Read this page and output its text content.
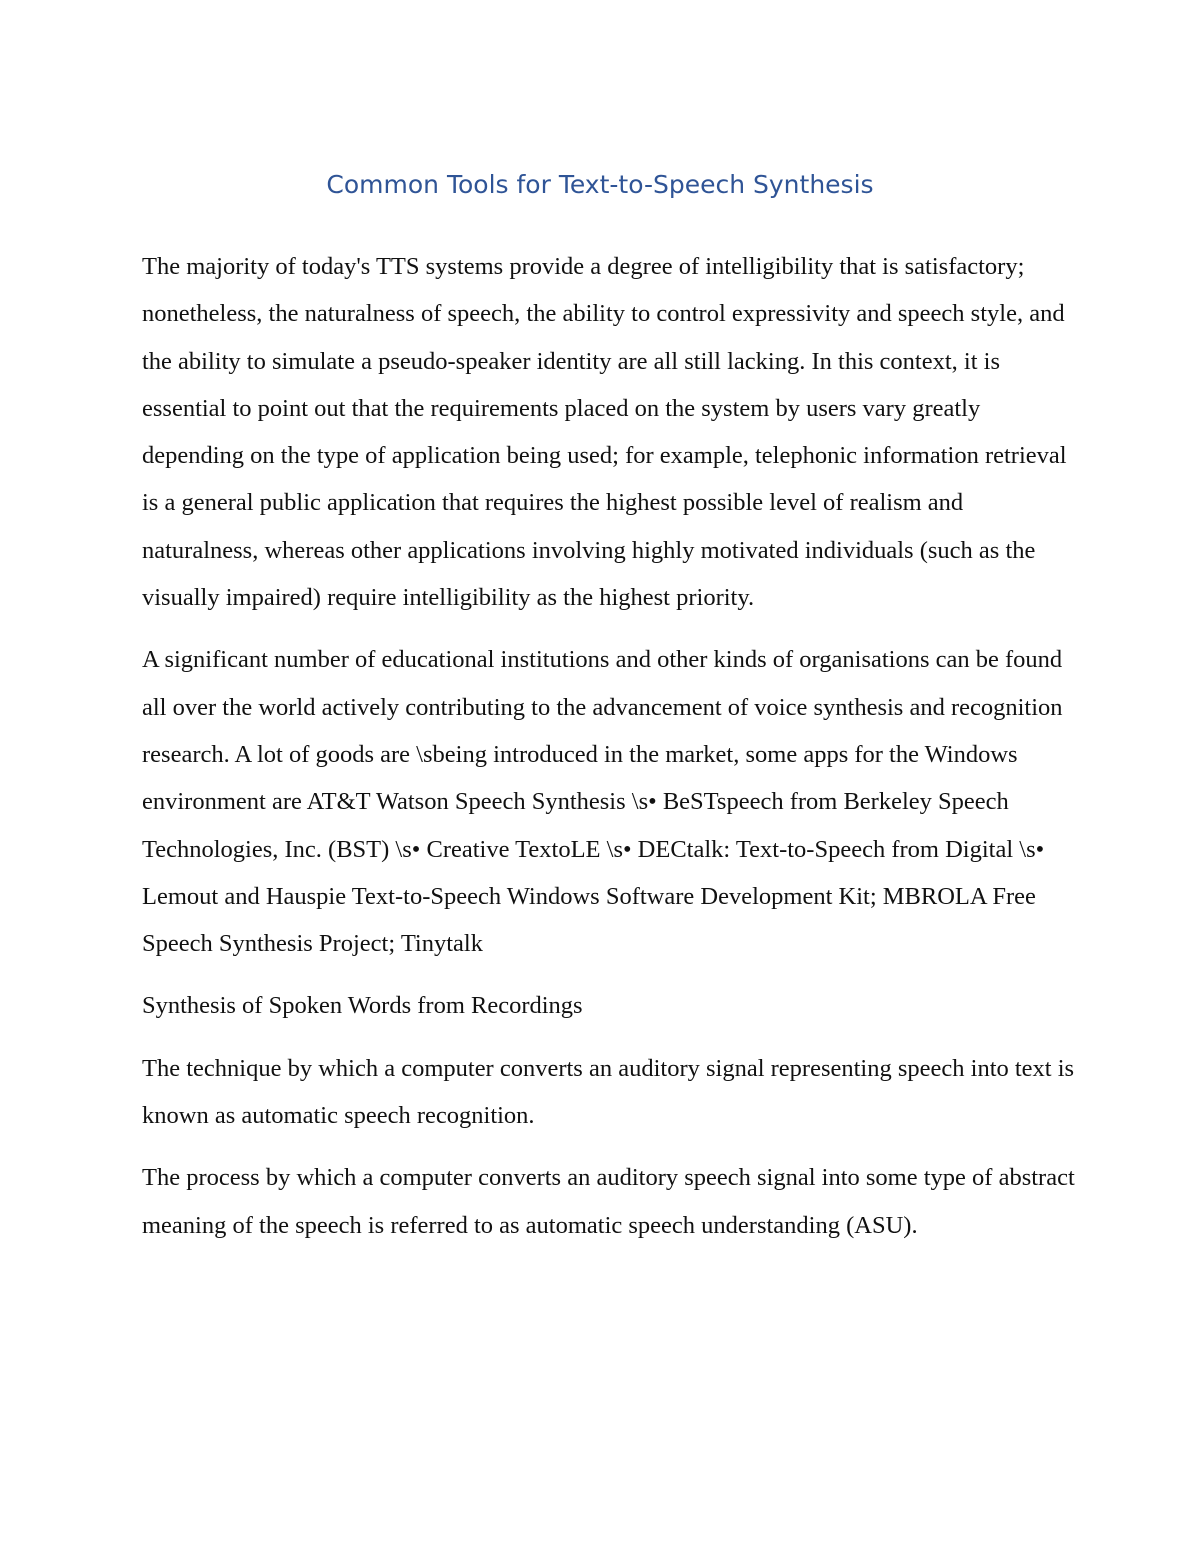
Common Tools for Text-to-Speech Synthesis

The majority of today's TTS systems provide a degree of intelligibility that is satisfactory; nonetheless, the naturalness of speech, the ability to control expressivity and speech style, and the ability to simulate a pseudo-speaker identity are all still lacking. In this context, it is essential to point out that the requirements placed on the system by users vary greatly depending on the type of application being used; for example, telephonic information retrieval is a general public application that requires the highest possible level of realism and naturalness, whereas other applications involving highly motivated individuals (such as the visually impaired) require intelligibility as the highest priority.

A significant number of educational institutions and other kinds of organisations can be found all over the world actively contributing to the advancement of voice synthesis and recognition research. A lot of goods are \sbeing introduced in the market, some apps for the Windows environment are AT&T Watson Speech Synthesis \s• BeSTspeech from Berkeley Speech Technologies, Inc. (BST) \s• Creative TextoLE \s• DECtalk: Text-to-Speech from Digital \s• Lemout and Hauspie Text-to-Speech Windows Software Development Kit; MBROLA Free Speech Synthesis Project; Tinytalk

Synthesis of Spoken Words from Recordings

The technique by which a computer converts an auditory signal representing speech into text is known as automatic speech recognition.

The process by which a computer converts an auditory speech signal into some type of abstract meaning of the speech is referred to as automatic speech understanding (ASU).
